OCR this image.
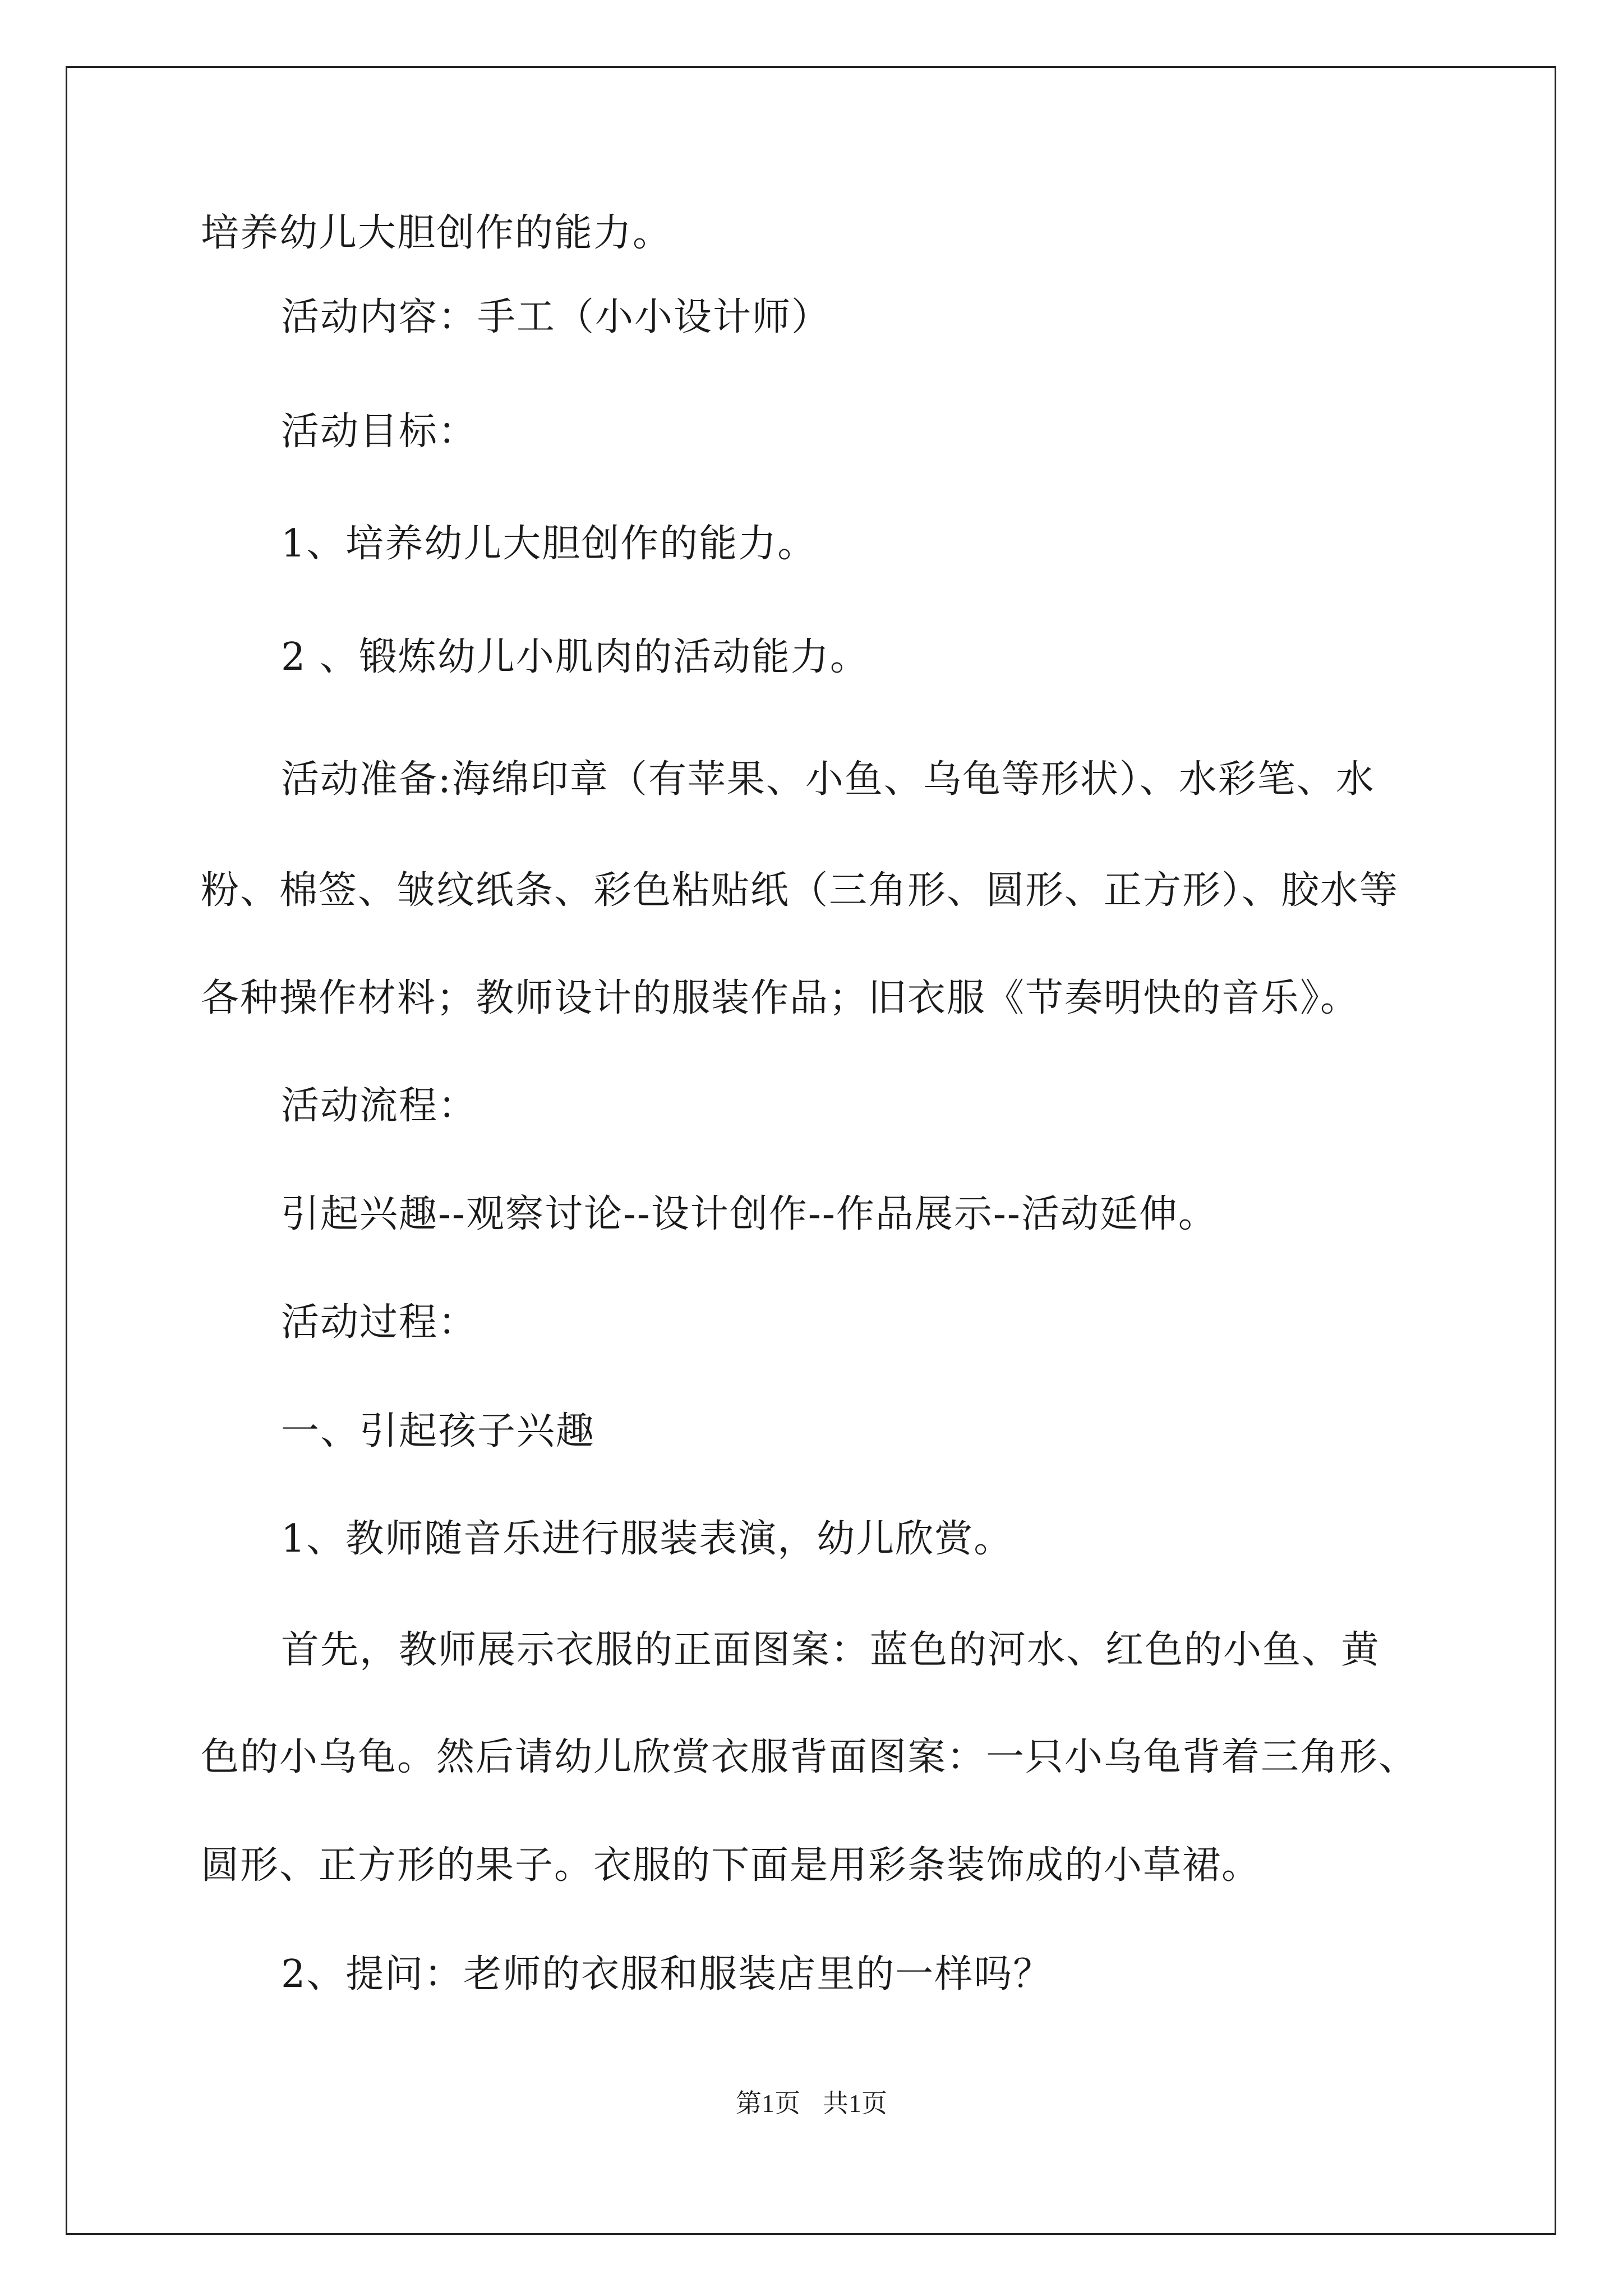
培养幼儿大胆创作的能力。
活动内容：手工（小小设计师）
活动目标：
1、培养幼儿大胆创作的能力。
2 、锻炼幼儿小肌肉的活动能力。
活动准备:海绵印章（有苹果、小鱼、乌龟等形状）、水彩笔、水
粉、棉签、皱纹纸条、彩色粘贴纸（三角形、圆形、正方形）、胶水等
各种操作材料；教师设计的服装作品；旧衣服《节奏明快的音乐》。
活动流程：
引起兴趣--观察讨论--设计创作--作品展示--活动延伸。
活动过程：
一、引起孩子兴趣
1、教师随音乐进行服装表演，幼儿欣赏。
首先，教师展示衣服的正面图案：蓝色的河水、红色的小鱼、黄
色的小乌龟。然后请幼儿欣赏衣服背面图案：一只小乌龟背着三角形、
圆形、正方形的果子。衣服的下面是用彩条装饰成的小草裙。
2、提问：老师的衣服和服装店里的一样吗？
第1页 共1页
